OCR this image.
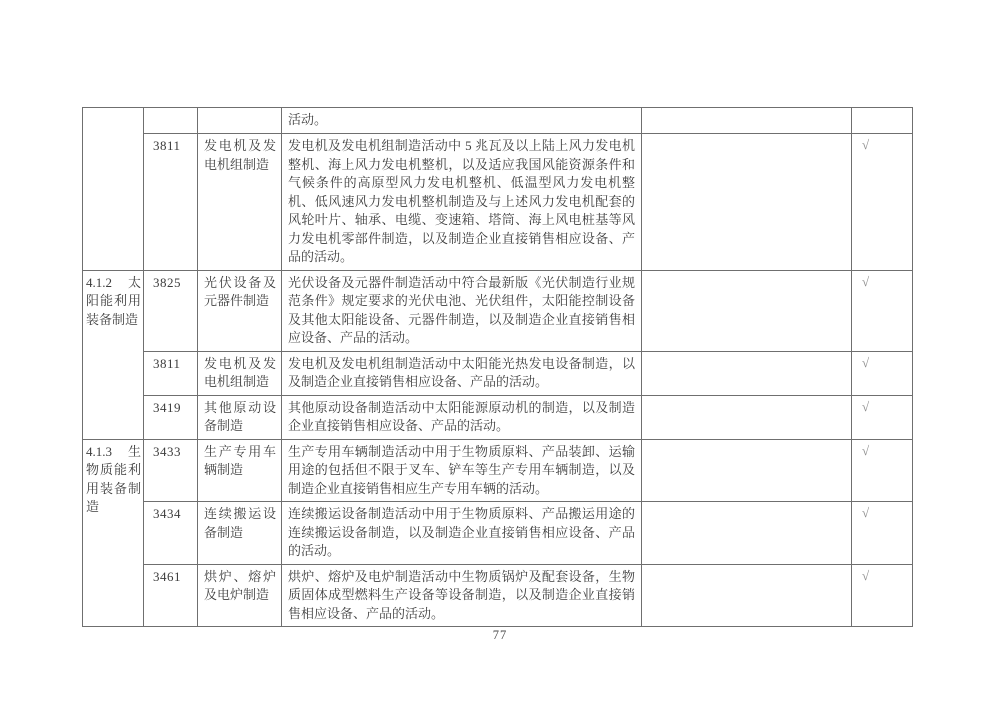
			活动。		
	3811	发电机及发电机组制造	发电机及发电机组制造活动中 5 兆瓦及以上陆上风力发电机整机、海上风力发电机整机，以及适应我国风能资源条件和气候条件的高原型风力发电机整机、低温型风力发电机整机、低风速风力发电机整机制造及与上述风力发电机配套的风轮叶片、轴承、电缆、变速箱、塔筒、海上风电桩基等风力发电机零部件制造，以及制造企业直接销售相应设备、产品的活动。		√
4.1.2 太阳能利用装备制造	3825	光伏设备及元器件制造	光伏设备及元器件制造活动中符合最新版《光伏制造行业规范条件》规定要求的光伏电池、光伏组件，太阳能控制设备及其他太阳能设备、元器件制造，以及制造企业直接销售相应设备、产品的活动。		√
	3811	发电机及发电机组制造	发电机及发电机组制造活动中太阳能光热发电设备制造，以及制造企业直接销售相应设备、产品的活动。		√
	3419	其他原动设备制造	其他原动设备制造活动中太阳能源原动机的制造，以及制造企业直接销售相应设备、产品的活动。		√
4.1.3 生物质能利用装备制造	3433	生产专用车辆制造	生产专用车辆制造活动中用于生物质原料、产品装卸、运输用途的包括但不限于叉车、铲车等生产专用车辆制造，以及制造企业直接销售相应生产专用车辆的活动。		√
	3434	连续搬运设备制造	连续搬运设备制造活动中用于生物质原料、产品搬运用途的连续搬运设备制造，以及制造企业直接销售相应设备、产品的活动。		√
	3461	烘炉、熔炉及电炉制造	烘炉、熔炉及电炉制造活动中生物质锅炉及配套设备，生物质固体成型燃料生产设备等设备制造，以及制造企业直接销售相应设备、产品的活动。		√
77
